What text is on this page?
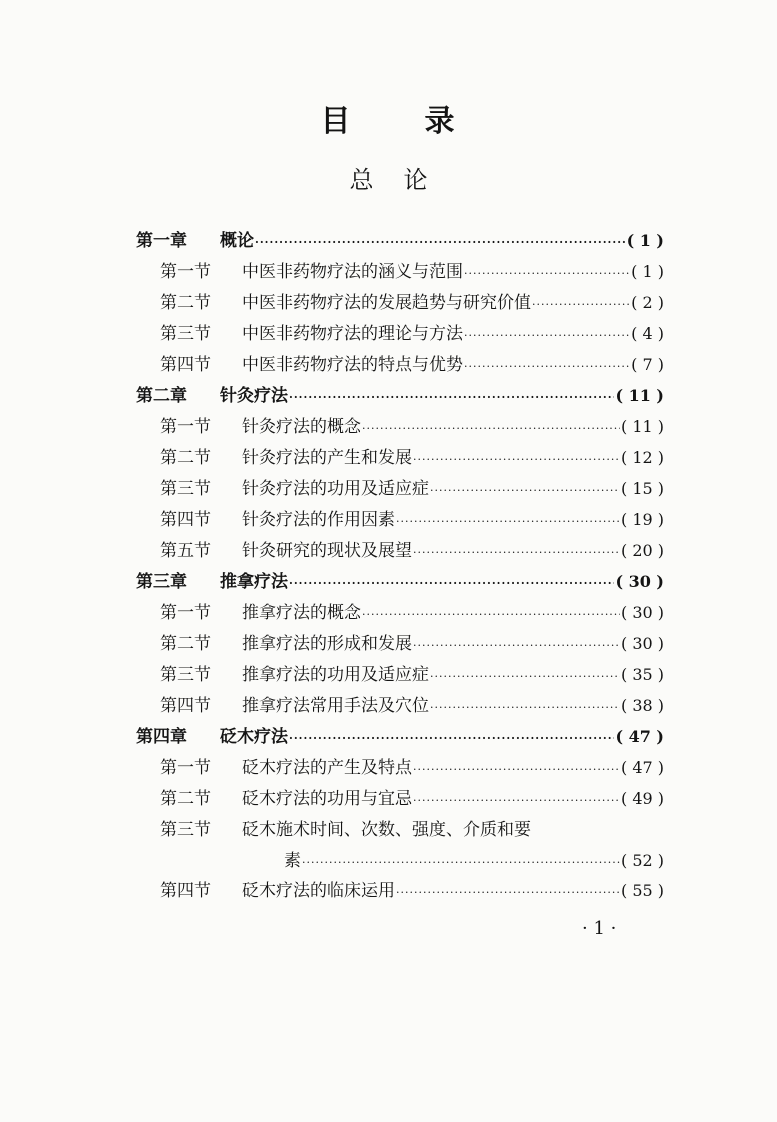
目 录
总 论
第一章	概论 ·····	( 1 )
第一节	中医非药物疗法的涵义与范围 ·····	( 1 )
第二节	中医非药物疗法的发展趋势与研究价值 ·····	( 2 )
第三节	中医非药物疗法的理论与方法 ·····	( 4 )
第四节	中医非药物疗法的特点与优势 ·····	( 7 )
第二章	针灸疗法 ·····	( 11 )
第一节	针灸疗法的概念 ·····	( 11 )
第二节	针灸疗法的产生和发展 ·····	( 12 )
第三节	针灸疗法的功用及适应症 ·····	( 15 )
第四节	针灸疗法的作用因素 ·····	( 19 )
第五节	针灸研究的现状及展望 ·····	( 20 )
第三章	推拿疗法 ·····	( 30 )
第一节	推拿疗法的概念 ·····	( 30 )
第二节	推拿疗法的形成和发展 ·····	( 30 )
第三节	推拿疗法的功用及适应症 ·····	( 35 )
第四节	推拿疗法常用手法及穴位 ·····	( 38 )
第四章	砭木疗法 ·····	( 47 )
第一节	砭木疗法的产生及特点 ·····	( 47 )
第二节	砭木疗法的功用与宜忌 ·····	( 49 )
第三节	砭木施术时间、次数、强度、介质和要
素 ·····	( 52 )
第四节	砭木疗法的临床运用 ·····	( 55 )
· 1 ·
